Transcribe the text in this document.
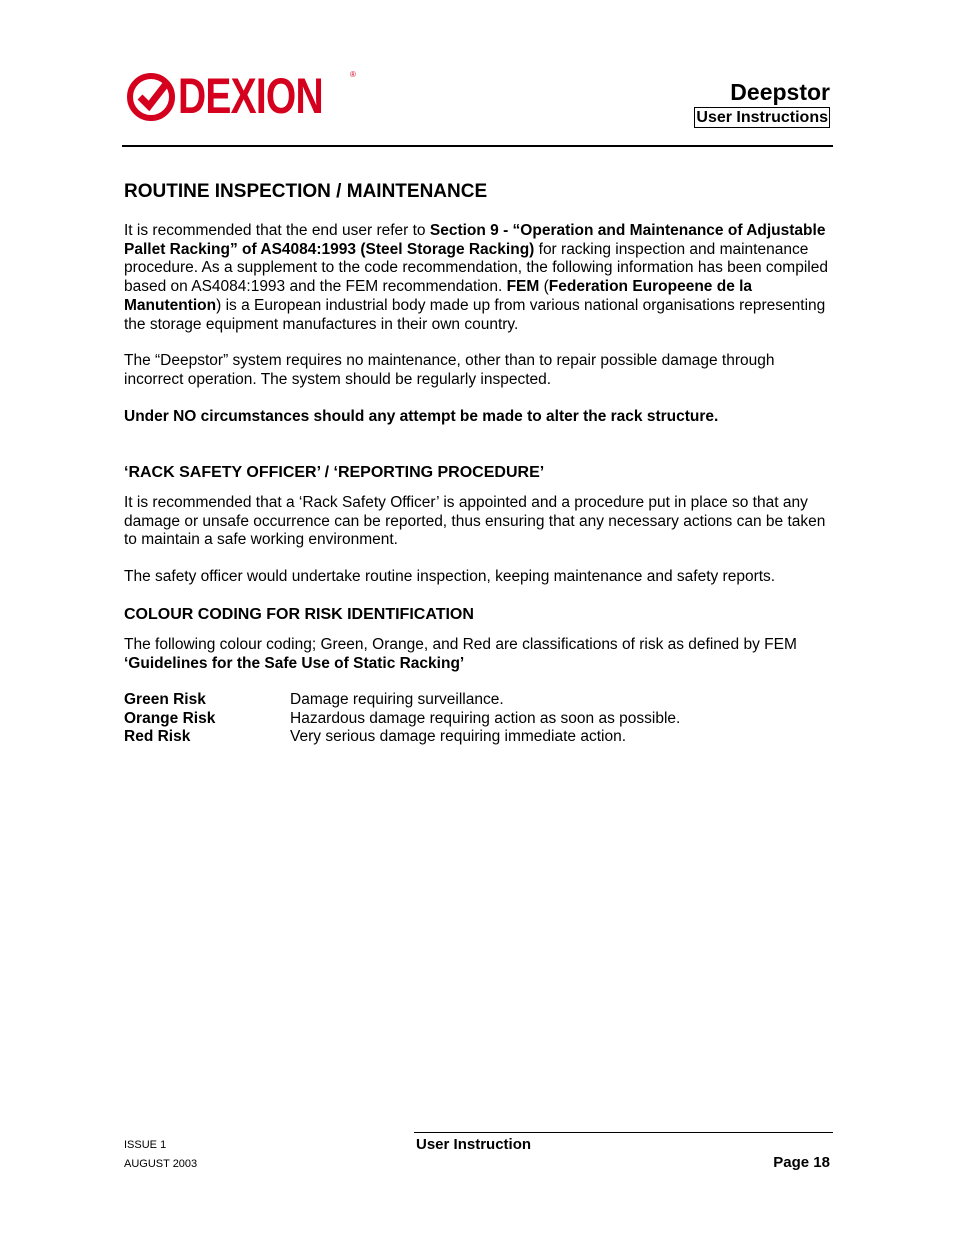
DEXION	®
Deepstor
User Instructions
ROUTINE INSPECTION / MAINTENANCE
It is recommended that the end user refer to Section 9 - “Operation and Maintenance of Adjustable Pallet Racking” of AS4084:1993 (Steel Storage Racking) for racking inspection and maintenance procedure. As a supplement to the code recommendation, the following information has been compiled based on AS4084:1993 and the FEM recommendation. FEM (Federation Europeene de la Manutention) is a European industrial body made up from various national organisations representing the storage equipment manufactures in their own country.
The “Deepstor” system requires no maintenance, other than to repair possible damage through incorrect operation. The system should be regularly inspected.
Under NO circumstances should any attempt be made to alter the rack structure.
‘RACK SAFETY OFFICER’ / ‘REPORTING PROCEDURE’
It is recommended that a ‘Rack Safety Officer’ is appointed and a procedure put in place so that any damage or unsafe occurrence can be reported, thus ensuring that any necessary actions can be taken to maintain a safe working environment.
The safety officer would undertake routine inspection, keeping maintenance and safety reports.
COLOUR CODING FOR RISK IDENTIFICATION
The following colour coding; Green, Orange, and Red are classifications of risk as defined by FEM ‘Guidelines for the Safe Use of Static Racking’
Green Risk	Damage requiring surveillance.
Orange Risk	Hazardous damage requiring action as soon as possible.
Red Risk	Very serious damage requiring immediate action.
ISSUE 1
AUGUST 2003
User Instruction
Page 18
